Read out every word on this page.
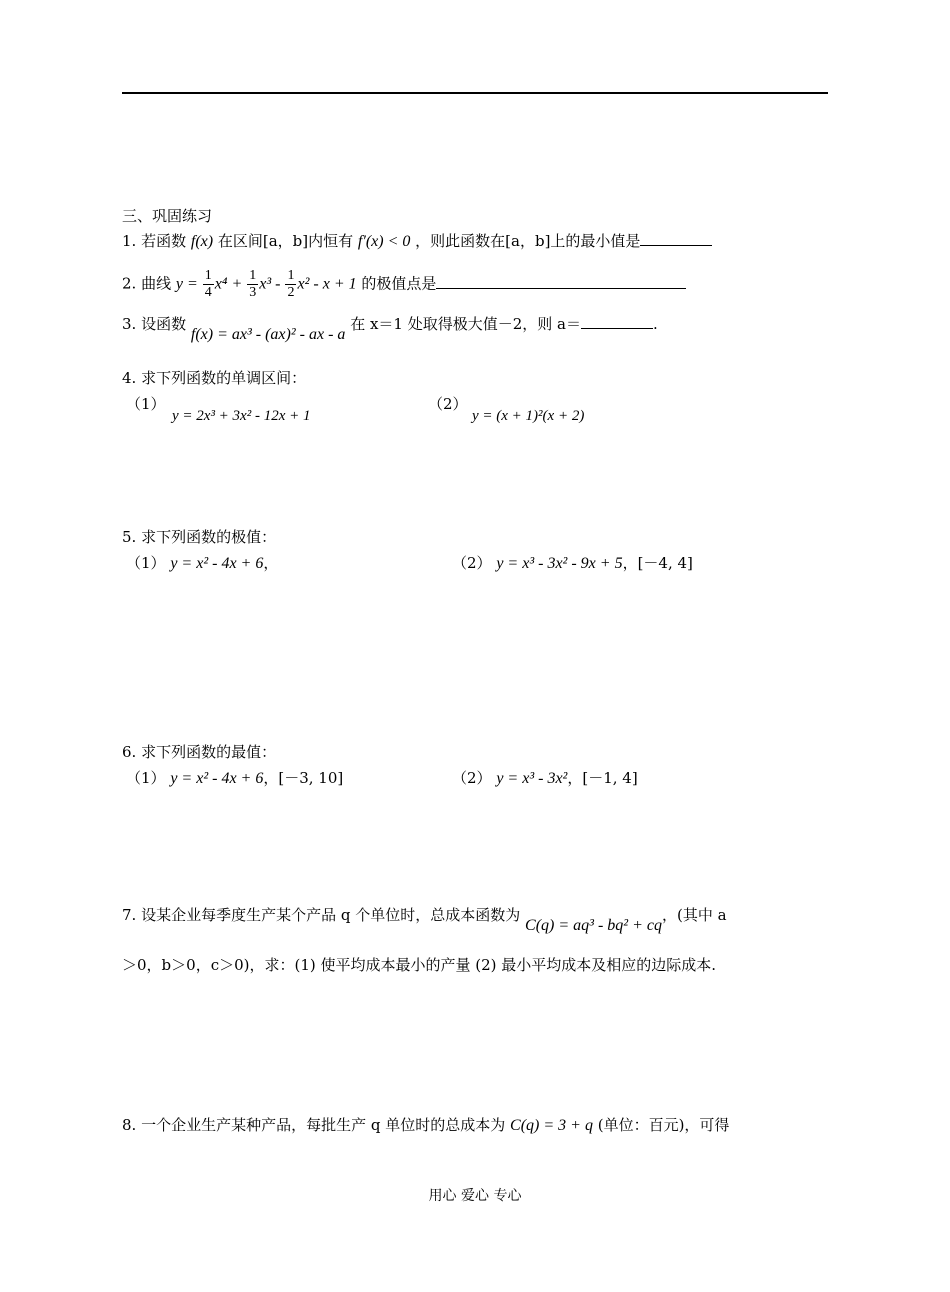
三、巩固练习
1. 若函数 f(x) 在区间[a，b]内恒有 f′(x) < 0 ，则此函数在[a，b]上的最小值是
2. 曲线 $y = \frac{1}{4} x^4 + \frac{1}{3} x^3 - \frac{1}{2} x^2 - x + 1$ 的极值点是
3. 设函数 f(x) = ax³ - (ax)² - ax - a 在 x＝1 处取得极大值－2，则 a＝	.
4. 求下列函数的单调区间：
（1）
y = 2x³ + 3x² - 12x + 1
（2）
y = (x + 1)²(x + 2)
5. 求下列函数的极值：
（1） y = x² - 4x + 6，	（2） y = x³ - 3x² - 9x + 5，[－4, 4]
6. 求下列函数的最值：
（1） y = x² - 4x + 6，[－3, 10]	（2） y = x³ - 3x²，[－1, 4]
7. 设某企业每季度生产某个产品 q 个单位时，总成本函数为 C(q) = aq³ - bq² + cq，(其中 a
＞0，b＞0，c＞0)，求：(1) 使平均成本最小的产量 (2) 最小平均成本及相应的边际成本.
8. 一个企业生产某种产品，每批生产 q 单位时的总成本为 C(q) = 3 + q (单位：百元)，可得
用心 爱心 专心
